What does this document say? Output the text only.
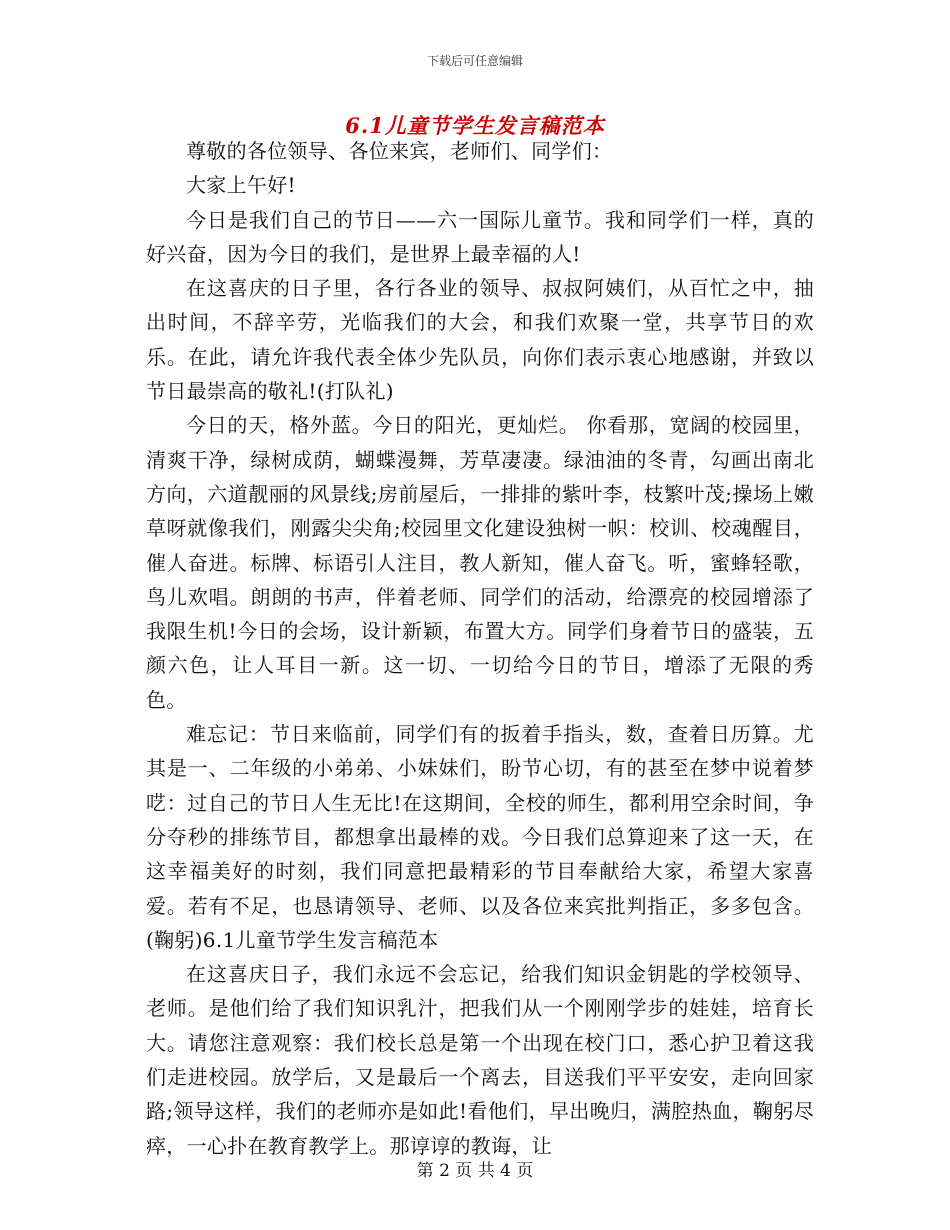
下载后可任意编辑
6.1儿童节学生发言稿范本

尊敬的各位领导、各位来宾，老师们、同学们：

大家上午好!

今日是我们自己的节日——六一国际儿童节。我和同学们一样，真的好兴奋，因为今日的我们，是世界上最幸福的人!

在这喜庆的日子里，各行各业的领导、叔叔阿姨们，从百忙之中，抽出时间，不辞辛劳，光临我们的大会，和我们欢聚一堂，共享节日的欢乐。在此，请允许我代表全体少先队员，向你们表示衷心地感谢，并致以节日最崇高的敬礼!(打队礼)

今日的天，格外蓝。今日的阳光，更灿烂。 你看那，宽阔的校园里，清爽干净，绿树成荫，蝴蝶漫舞，芳草凄凄。绿油油的冬青，勾画出南北方向，六道靓丽的风景线;房前屋后，一排排的紫叶李，枝繁叶茂;操场上嫩草呀就像我们，刚露尖尖角;校园里文化建设独树一帜：校训、校魂醒目，催人奋进。标牌、标语引人注目，教人新知，催人奋飞。听，蜜蜂轻歌，鸟儿欢唱。朗朗的书声，伴着老师、同学们的活动，给漂亮的校园增添了我限生机!今日的会场，设计新颖，布置大方。同学们身着节日的盛装，五颜六色，让人耳目一新。这一切、一切给今日的节日，增添了无限的秀色。

难忘记：节日来临前，同学们有的扳着手指头，数，查着日历算。尤其是一、二年级的小弟弟、小妹妹们，盼节心切，有的甚至在梦中说着梦呓：过自己的节日人生无比!在这期间，全校的师生，都利用空余时间，争分夺秒的排练节目，都想拿出最棒的戏。今日我们总算迎来了这一天，在这幸福美好的时刻，我们同意把最精彩的节目奉献给大家，希望大家喜爱。若有不足，也恳请领导、老师、以及各位来宾批判指正，多多包含。(鞠躬)6.1儿童节学生发言稿范本

在这喜庆日子，我们永远不会忘记，给我们知识金钥匙的学校领导、老师。是他们给了我们知识乳汁，把我们从一个刚刚学步的娃娃，培育长大。请您注意观察：我们校长总是第一个出现在校门口，悉心护卫着这我们走进校园。放学后，又是最后一个离去，目送我们平平安安，走向回家路;领导这样，我们的老师亦是如此!看他们，早出晚归，满腔热血，鞠躬尽瘁，一心扑在教育教学上。那谆谆的教诲，让

第 2 页 共 4 页
